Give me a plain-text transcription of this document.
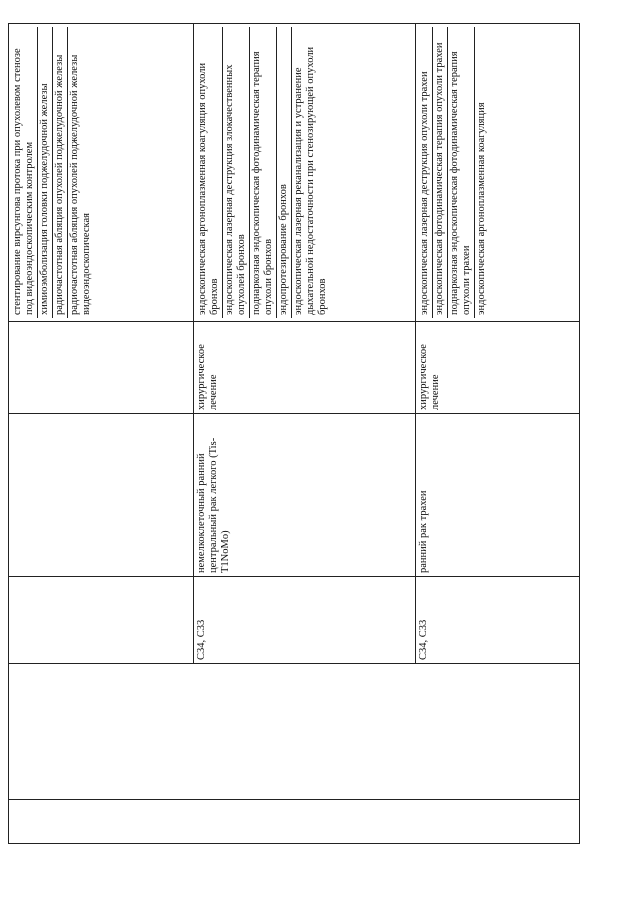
					стентирование вирсунгова протока при опухолевом стенозе под видеоэндоскопическим контролем химиоэмболизация головки поджелудочной железы радиочастотная абляция опухолей поджелудочной железы радиочастотная абляция опухолей поджелудочной железы видеоэндоскопическая

		C34, C33	немелкоклеточный ранний центральный рак легкого (Tis-T1NoMo)	хирургическое лечение	эндоскопическая аргоноплазменная коагуляция опухоли бронхов эндоскопическая лазерная деструкция злокачественных опухолей бронхов поднаркозная эндоскопическая фотодинамическая терапия опухоли бронхов эндопротезирование бронхов эндоскопическая лазерная реканализация и устранение дыхательной недостаточности при стенозирующей опухоли бронхов

		C34, C33	ранний рак трахеи	хирургическое лечение	эндоскопическая лазерная деструкция опухоли трахеи эндоскопическая фотодинамическая терапия опухоли трахеи поднаркозная эндоскопическая фотодинамическая терапия опухоли трахеи эндоскопическая аргоноплазменная коагуляция
